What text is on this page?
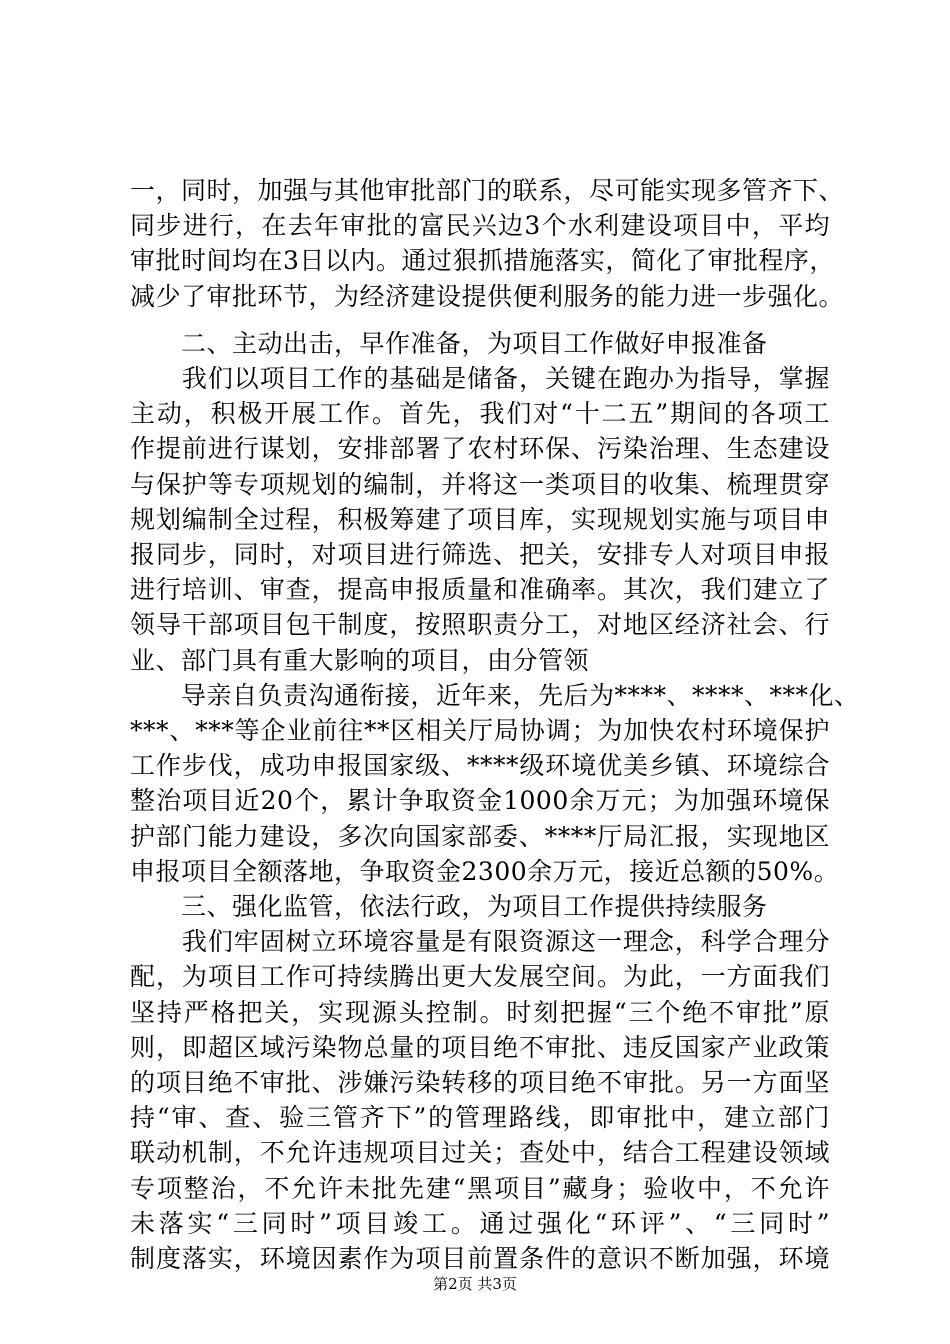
一，同时，加强与其他审批部门的联系，尽可能实现多管齐下、
同步进行，在去年审批的富民兴边3个水利建设项目中，平均
审批时间均在3日以内。通过狠抓措施落实，简化了审批程序，
减少了审批环节，为经济建设提供便利服务的能力进一步强化。
　　二、主动出击，早作准备，为项目工作做好申报准备
　　我们以项目工作的基础是储备，关键在跑办为指导，掌握
主动，积极开展工作。首先，我们对“十二五”期间的各项工
作提前进行谋划，安排部署了农村环保、污染治理、生态建设
与保护等专项规划的编制，并将这一类项目的收集、梳理贯穿
规划编制全过程，积极筹建了项目库，实现规划实施与项目申
报同步，同时，对项目进行筛选、把关，安排专人对项目申报
进行培训、审查，提高申报质量和准确率。其次，我们建立了
领导干部项目包干制度，按照职责分工，对地区经济社会、行
业、部门具有重大影响的项目，由分管领
　　导亲自负责沟通衔接，近年来，先后为****、****、***化、
***、***等企业前往**区相关厅局协调；为加快农村环境保护
工作步伐，成功申报国家级、****级环境优美乡镇、环境综合
整治项目近20个，累计争取资金1000余万元；为加强环境保
护部门能力建设，多次向国家部委、****厅局汇报，实现地区
申报项目全额落地，争取资金2300余万元，接近总额的50%。
　　三、强化监管，依法行政，为项目工作提供持续服务
　　我们牢固树立环境容量是有限资源这一理念，科学合理分
配，为项目工作可持续腾出更大发展空间。为此，一方面我们
坚持严格把关，实现源头控制。时刻把握“三个绝不审批”原
则，即超区域污染物总量的项目绝不审批、违反国家产业政策
的项目绝不审批、涉嫌污染转移的项目绝不审批。另一方面坚
持“审、查、验三管齐下”的管理路线，即审批中，建立部门
联动机制，不允许违规项目过关；查处中，结合工程建设领域
专项整治，不允许未批先建“黑项目”藏身；验收中，不允许
未落实“三同时”项目竣工。通过强化“环评”、“三同时”
制度落实，环境因素作为项目前置条件的意识不断加强，环境
第2页 共3页
